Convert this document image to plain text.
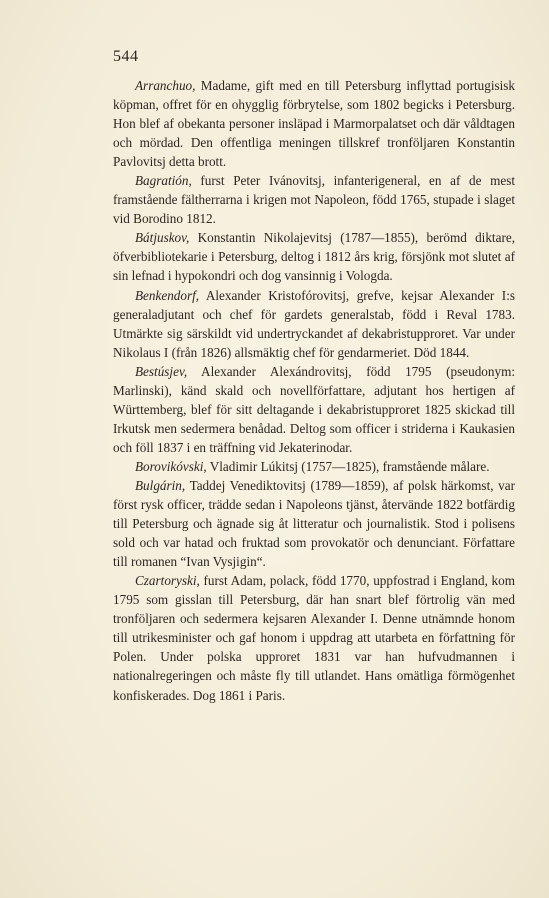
544

Arranchuo, Madame, gift med en till Petersburg inflyttad portugisisk köpman, offret för en ohygglig förbrytelse, som 1802 begicks i Petersburg. Hon blef af obekanta personer insläpad i Marmorpalatset och där våldtagen och mördad. Den offentliga meningen tillskref tronföljaren Konstantin Pavlovitsj detta brott.

Bagratión, furst Peter Ivánovitsj, infanterigeneral, en af de mest framstående fältherrarna i krigen mot Napoleon, född 1765, stupade i slaget vid Borodino 1812.

Bátjuskov, Konstantin Nikolajevitsj (1787—1855), berömd diktare, öfverbibliotekarie i Petersburg, deltog i 1812 års krig, försjönk mot slutet af sin lefnad i hypokondri och dog vansinnig i Vologda.

Benkendorf, Alexander Kristofórovitsj, grefve, kejsar Alexander I:s generaladjutant och chef för gardets generalstab, född i Reval 1783. Utmärkte sig särskildt vid undertryckandet af dekabristupproret. Var under Nikolaus I (från 1826) allsmäktig chef för gendarmeriet. Död 1844.

Bestúsjev, Alexander Alexándrovitsj, född 1795 (pseudonym: Marlinski), känd skald och novellförfattare, adjutant hos hertigen af Württemberg, blef för sitt deltagande i dekabristupproret 1825 skickad till Irkutsk men sedermera benådad. Deltog som officer i striderna i Kaukasien och föll 1837 i en träffning vid Jekaterinodar.

Borovikóvski, Vladimir Lúkitsj (1757—1825), framstående målare.

Bulgárin, Taddej Venediktovitsj (1789—1859), af polsk härkomst, var först rysk officer, trädde sedan i Napoleons tjänst, återvände 1822 botfärdig till Petersburg och ägnade sig åt litteratur och journalistik. Stod i polisens sold och var hatad och fruktad som provokatör och denunciant. Författare till romanen “Ivan Vysjigin“.

Czartoryski, furst Adam, polack, född 1770, uppfostrad i England, kom 1795 som gisslan till Petersburg, där han snart blef förtrolig vän med tronföljaren och sedermera kejsaren Alexander I. Denne utnämnde honom till utrikesminister och gaf honom i uppdrag att utarbeta en författning för Polen. Under polska upproret 1831 var han hufvudmannen i nationalregeringen och måste fly till utlandet. Hans omätliga förmögenhet konfiskerades. Dog 1861 i Paris.
